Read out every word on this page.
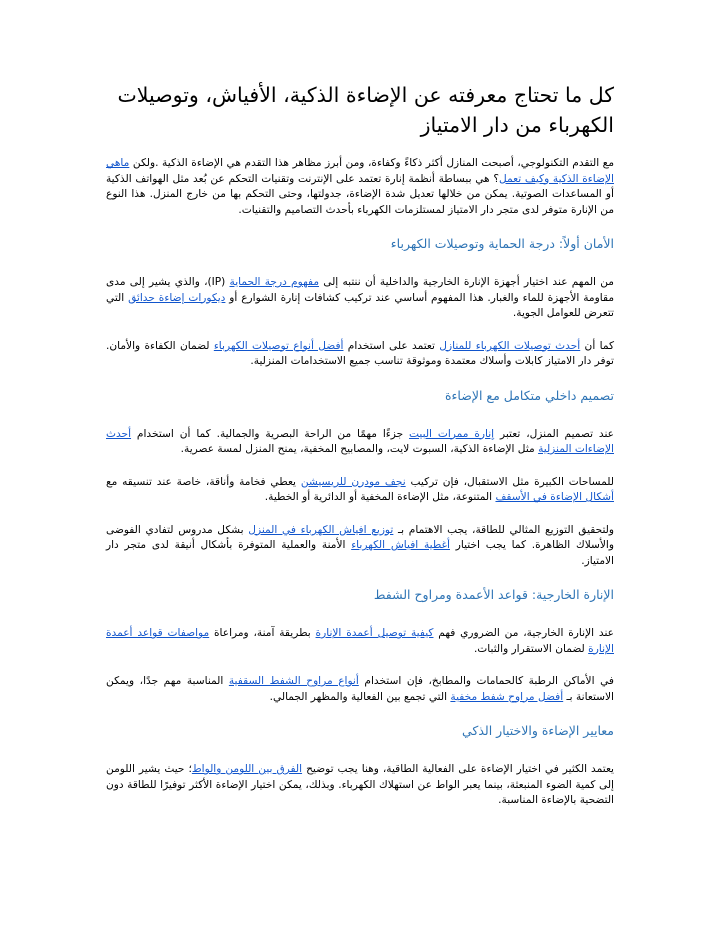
كل ما تحتاج معرفته عن الإضاءة الذكية، الأفياش، وتوصيلات الكهرباء من دار الامتياز

مع التقدم التكنولوجي، أصبحت المنازل أكثر ذكاءً وكفاءة، ومن أبرز مظاهر هذا التقدم هي الإضاءة الذكية .ولكن ماهي الإضاءة الذكية وكيف تعمل؟ هي ببساطة أنظمة إنارة تعتمد على الإنترنت وتقنيات التحكم عن بُعد مثل الهواتف الذكية أو المساعدات الصوتية. يمكن من خلالها تعديل شدة الإضاءة، جدولتها، وحتى التحكم بها من خارج المنزل. هذا النوع من الإنارة متوفر لدى متجر دار الامتياز لمستلزمات الكهرباء بأحدث التصاميم والتقنيات.

الأمان أولاً: درجة الحماية وتوصيلات الكهرباء

من المهم عند اختيار أجهزة الإنارة الخارجية والداخلية أن ننتبه إلى مفهوم درجة الحماية (IP)، والذي يشير إلى مدى مقاومة الأجهزة للماء والغبار. هذا المفهوم أساسي عند تركيب كشافات إنارة الشوارع أو ديكورات إضاءة حدائق التي تتعرض للعوامل الجوية.

كما أن أحدث توصيلات الكهرباء للمنازل تعتمد على استخدام أفضل أنواع توصيلات الكهرباء لضمان الكفاءة والأمان. توفر دار الامتياز كابلات وأسلاك معتمدة وموثوقة تناسب جميع الاستخدامات المنزلية.

تصميم داخلي متكامل مع الإضاءة

عند تصميم المنزل، تعتبر إنارة ممرات البيت جزءًا مهمًا من الراحة البصرية والجمالية. كما أن استخدام أحدث الإضاءات المنزلية مثل الإضاءة الذكية، السبوت لايت، والمصابيح المخفية، يمنح المنزل لمسة عصرية.

للمساحات الكبيرة مثل الاستقبال، فإن تركيب نجف مودرن للريسيشن يعطي فخامة وأناقة، خاصة عند تنسيقه مع أشكال الإضاءة في الأسقف المتنوعة، مثل الإضاءة المخفية أو الدائرية أو الخطية.

ولتحقيق التوزيع المثالي للطاقة، يجب الاهتمام بـ توزيع افياش الكهرباء في المنزل بشكل مدروس لتفادي الفوضى والأسلاك الظاهرة. كما يجب اختيار أغطية افياش الكهرباء الأمنة والعملية المتوفرة بأشكال أنيقة لدى متجر دار الامتياز.

الإنارة الخارجية: قواعد الأعمدة ومراوح الشفط

عند الإنارة الخارجية، من الضروري فهم كيفية توصيل أعمدة الإنارة بطريقة آمنة، ومراعاة مواصفات قواعد أعمدة الإنارة لضمان الاستقرار والثبات.

في الأماكن الرطبة كالحمامات والمطابخ، فإن استخدام أنواع مراوح الشفط السقفية المناسبة مهم جدًا، ويمكن الاستعانة بـ أفضل مراوح شفط مخفية التي تجمع بين الفعالية والمظهر الجمالي.

معايير الإضاءة والاختيار الذكي

يعتمد الكثير في اختيار الإضاءة على الفعالية الطاقية، وهنا يجب توضيح الفرق بين اللومن والواط؛ حيث يشير اللومن إلى كمية الضوء المنبعثة، بينما يعبر الواط عن استهلاك الكهرباء. وبذلك، يمكن اختيار الإضاءة الأكثر توفيرًا للطاقة دون التضحية بالإضاءة المناسبة.
